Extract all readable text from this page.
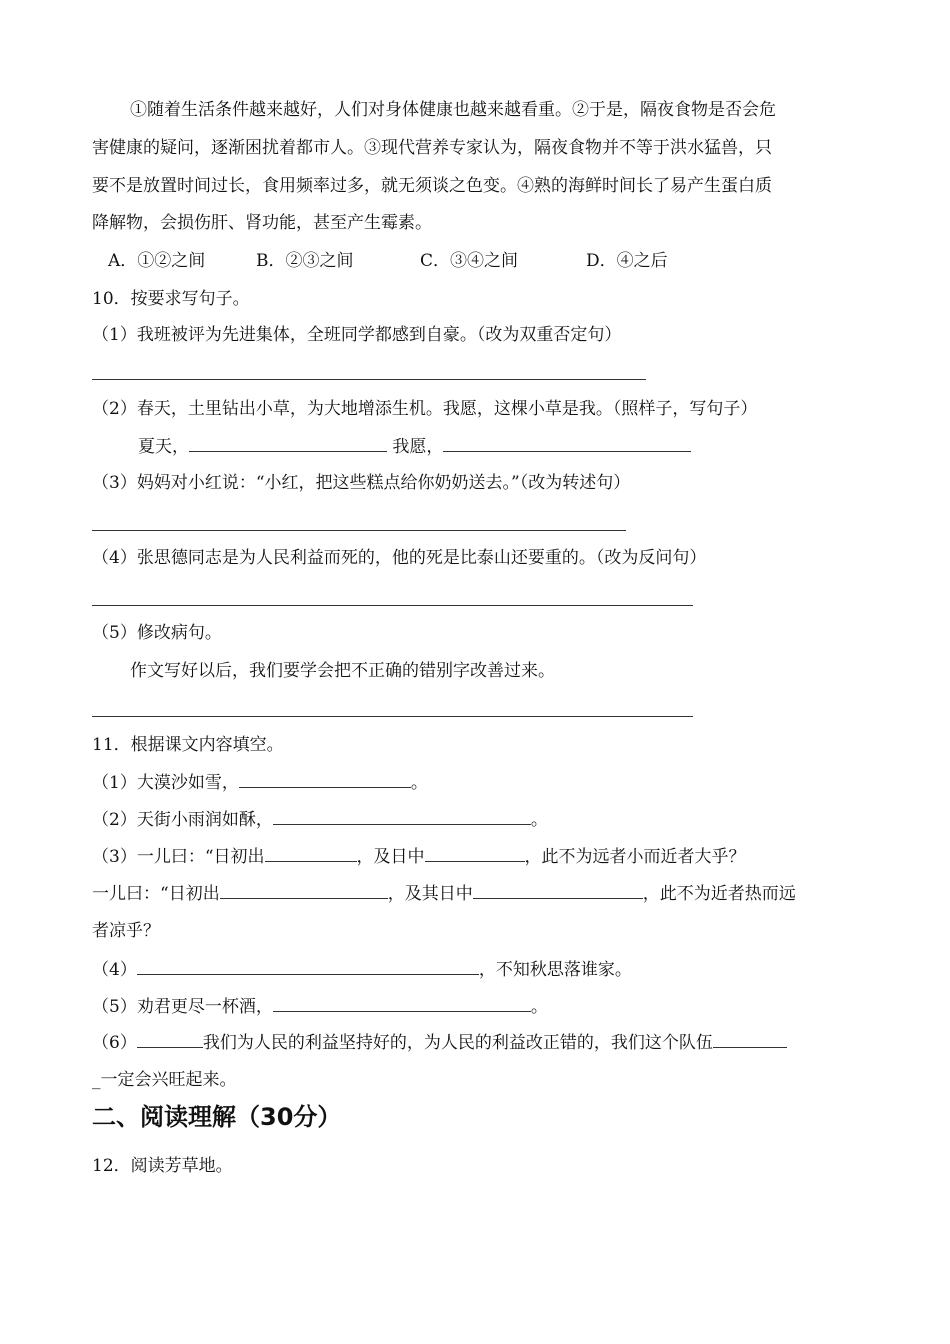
①随着生活条件越来越好，人们对身体健康也越来越看重。②于是，隔夜食物是否会危
害健康的疑问，逐渐困扰着都市人。③现代营养专家认为，隔夜食物并不等于洪水猛兽，只
要不是放置时间过长，食用频率过多，就无须谈之色变。④熟的海鲜时间长了易产生蛋白质
降解物，会损伤肝、肾功能，甚至产生霉素。
A．①②之间	B．②③之间	C．③④之间	D．④之后
10．按要求写句子。
（1）我班被评为先进集体，全班同学都感到自豪。（改为双重否定句）
（2）春天，土里钻出小草，为大地增添生机。我愿，这棵小草是我。（照样子，写句子）
夏天，	我愿，
（3）妈妈对小红说：“小红，把这些糕点给你奶奶送去。”（改为转述句）
（4）张思德同志是为人民利益而死的，他的死是比泰山还要重的。（改为反问句）
（5）修改病句。
作文写好以后，我们要学会把不正确的错别字改善过来。
11．根据课文内容填空。
（1）大漠沙如雪，	。
（2）天街小雨润如酥，	。
（3）一儿曰：“日初出	，及日中	，此不为远者小而近者大乎？
一儿曰：“日初出	，及其日中	，此不为近者热而远
者凉乎？
（4）	，不知秋思落谁家。
（5）劝君更尽一杯酒，	。
（6）	我们为人民的利益坚持好的，为人民的利益改正错的，我们这个队伍
_一定会兴旺起来。
二、阅读理解（30分）
12．阅读芳草地。
